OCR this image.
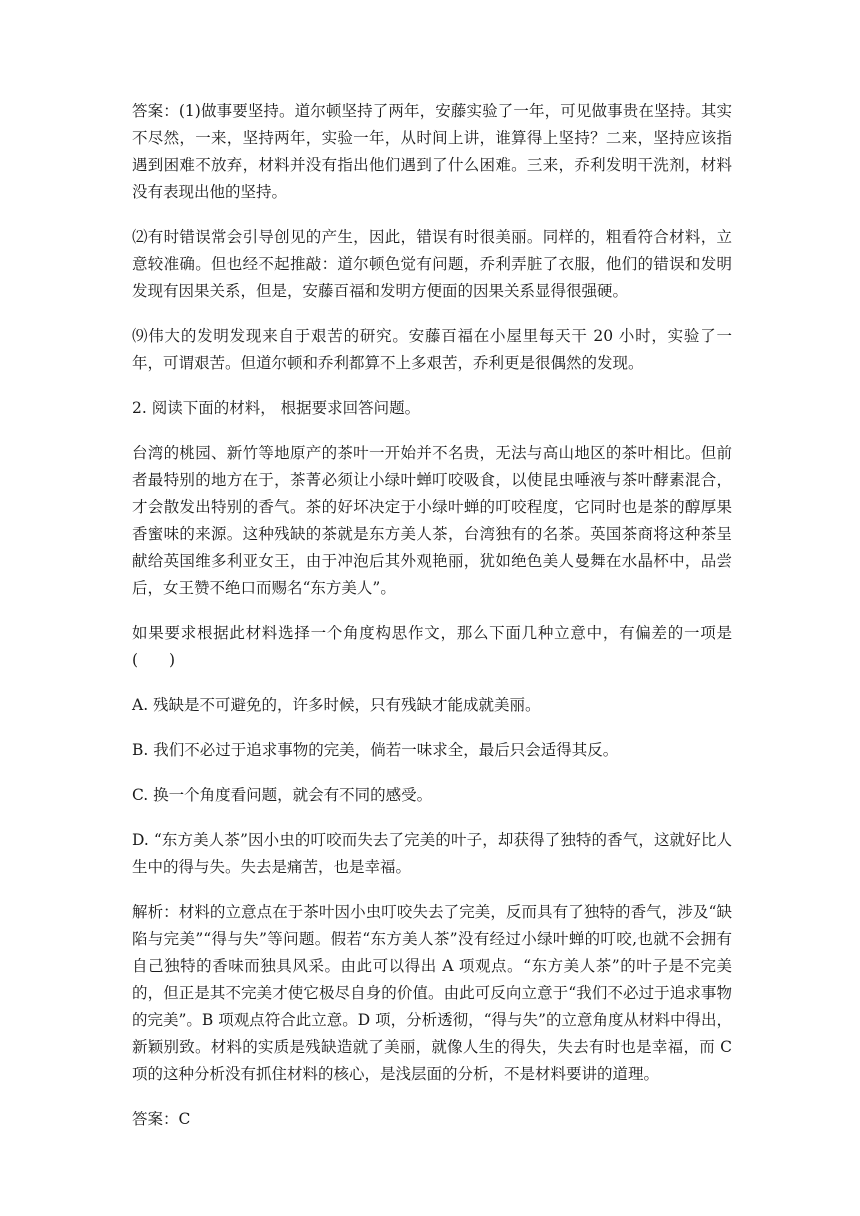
答案：(1)做事要坚持。道尔顿坚持了两年，安藤实验了一年，可见做事贵在坚持。其实不尽然，一来，坚持两年，实验一年，从时间上讲，谁算得上坚持？二来，坚持应该指遇到困难不放弃，材料并没有指出他们遇到了什么困难。三来，乔利发明干洗剂，材料没有表现出他的坚持。

⑵有时错误常会引导创见的产生，因此，错误有时很美丽。同样的，粗看符合材料，立意较准确。但也经不起推敲：道尔顿色觉有问题，乔利弄脏了衣服，他们的错误和发明发现有因果关系，但是，安藤百福和发明方便面的因果关系显得很强硬。

⑼伟大的发明发现来自于艰苦的研究。安藤百福在小屋里每天干 20 小时，实验了一年，可谓艰苦。但道尔顿和乔利都算不上多艰苦，乔利更是很偶然的发现。

2. 阅读下面的材料， 根据要求回答问题。

台湾的桃园、新竹等地原产的茶叶一开始并不名贵，无法与高山地区的茶叶相比。但前者最特别的地方在于，茶菁必须让小绿叶蝉叮咬吸食，以使昆虫唾液与茶叶酵素混合，才会散发出特别的香气。茶的好坏决定于小绿叶蝉的叮咬程度，它同时也是茶的醇厚果香蜜味的来源。这种残缺的茶就是东方美人茶，台湾独有的名茶。英国茶商将这种茶呈献给英国维多利亚女王，由于冲泡后其外观艳丽，犹如绝色美人曼舞在水晶杯中，品尝后，女王赞不绝口而赐名“东方美人”。

如果要求根据此材料选择一个角度构思作文，那么下面几种立意中，有偏差的一项是(　　)

A. 残缺是不可避免的，许多时候，只有残缺才能成就美丽。

B. 我们不必过于追求事物的完美，倘若一味求全，最后只会适得其反。

C. 换一个角度看问题，就会有不同的感受。

D. “东方美人茶”因小虫的叮咬而失去了完美的叶子，却获得了独特的香气，这就好比人生中的得与失。失去是痛苦，也是幸福。

解析：材料的立意点在于茶叶因小虫叮咬失去了完美，反而具有了独特的香气，涉及“缺陷与完美”“得与失”等问题。假若“东方美人茶”没有经过小绿叶蝉的叮咬,也就不会拥有自己独特的香味而独具风采。由此可以得出 A 项观点。“东方美人茶”的叶子是不完美的，但正是其不完美才使它极尽自身的价值。由此可反向立意于“我们不必过于追求事物的完美”。B 项观点符合此立意。D 项，分析透彻，“得与失”的立意角度从材料中得出，新颖别致。材料的实质是残缺造就了美丽，就像人生的得失，失去有时也是幸福，而 C 项的这种分析没有抓住材料的核心，是浅层面的分析，不是材料要讲的道理。

答案：C
